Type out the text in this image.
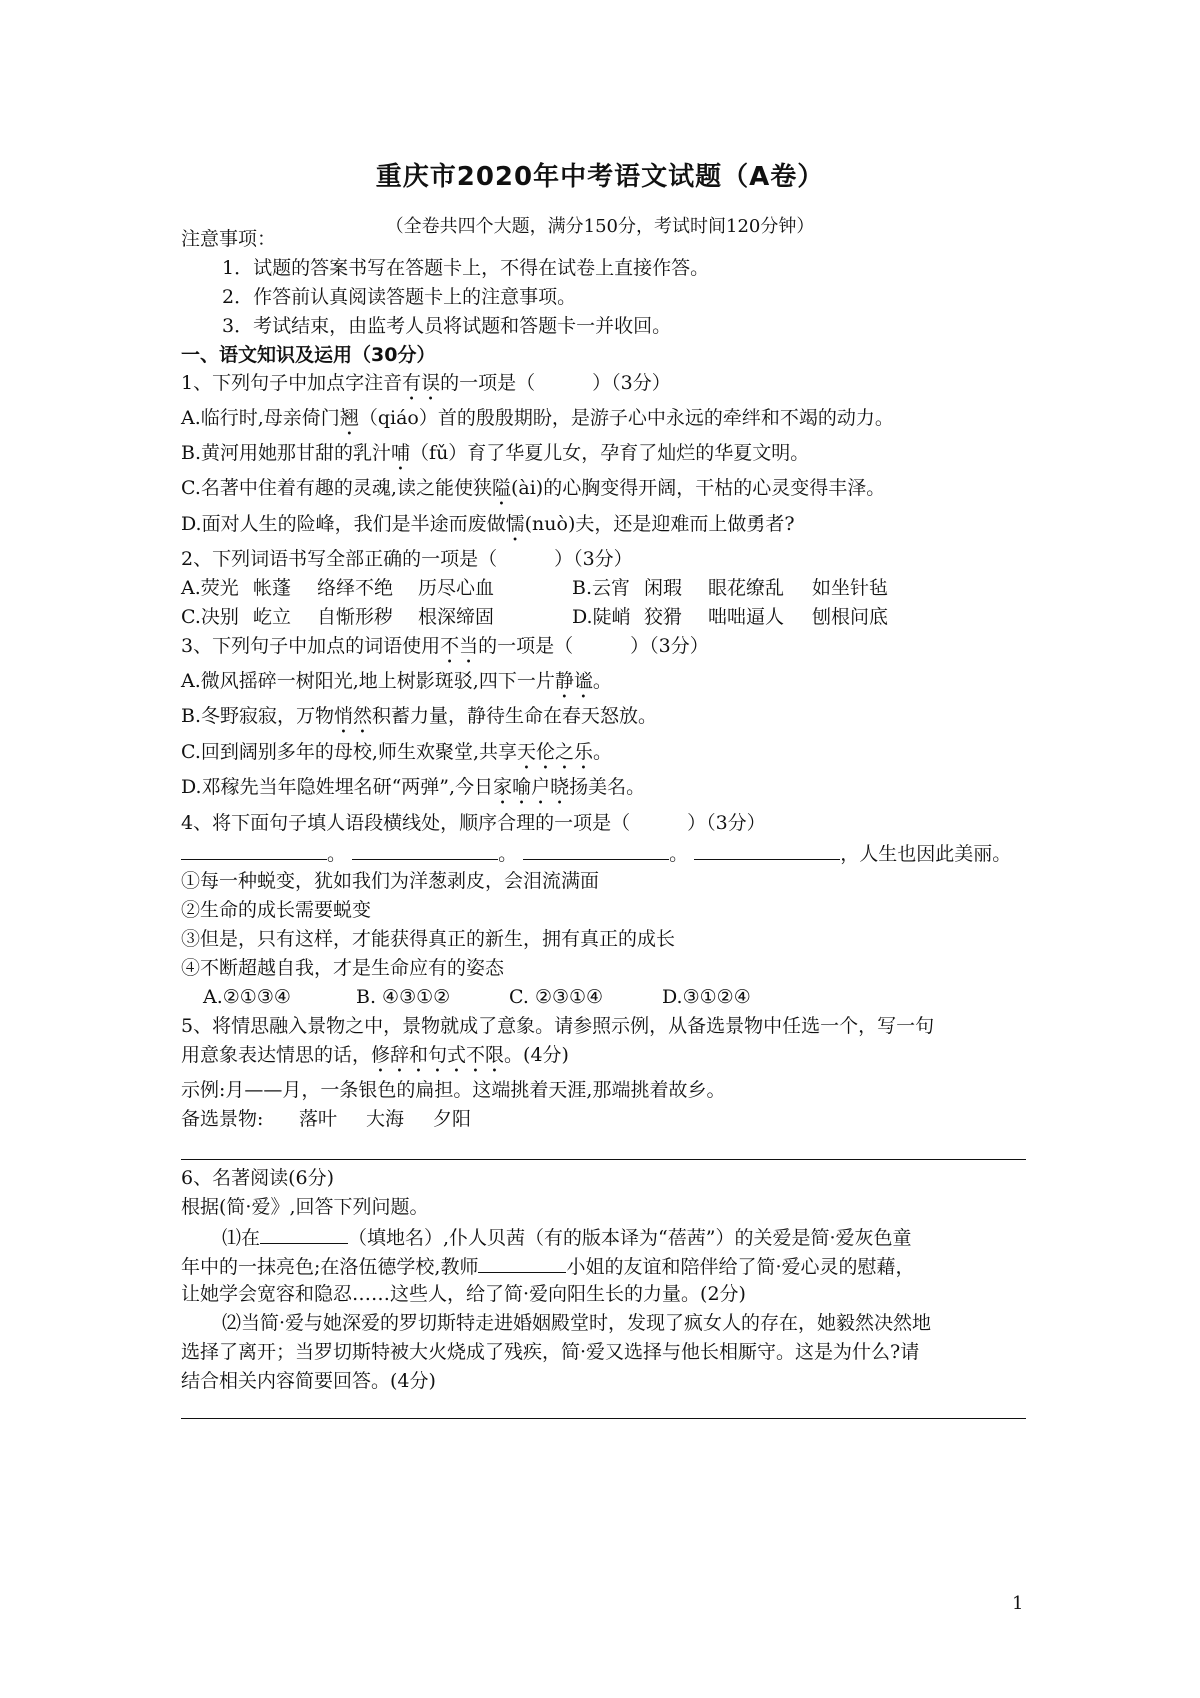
重庆市2020年中考语文试题（A卷）
（全卷共四个大题，满分150分，考试时间120分钟）
注意事项：
1．试题的答案书写在答题卡上，不得在试卷上直接作答。
2．作答前认真阅读答题卡上的注意事项。
3．考试结束，由监考人员将试题和答题卡一并收回。
一、语文知识及运用（30分）
1、下列句子中加点字注音有误的一项是（　　　）（3分）
A.临行时,母亲倚门翘（qiáo）首的殷殷期盼，是游子心中永远的牵绊和不竭的动力。
B.黄河用她那甘甜的乳汁哺（fǔ）育了华夏儿女，孕育了灿烂的华夏文明。
C.名著中住着有趣的灵魂,读之能使狭隘(ài)的心胸变得开阔，干枯的心灵变得丰泽。
D.面对人生的险峰，我们是半途而废做懦(nuò)夫，还是迎难而上做勇者?
2、下列词语书写全部正确的一项是（　　　）（3分）
A.荧光 帐蓬 络绎不绝 历尽心血	B.云宵 闲瑕 眼花缭乱 如坐针毡
C.决别 屹立 自惭形秽 根深缔固	D.陡峭 狡猾 咄咄逼人 刨根问底
3、下列句子中加点的词语使用不当的一项是（　　　）（3分）
A.微风摇碎一树阳光,地上树影斑驳,四下一片静谧。
B.冬野寂寂，万物悄然积蓄力量，静待生命在春天怒放。
C.回到阔别多年的母校,师生欢聚堂,共享天伦之乐。
D.邓稼先当年隐姓埋名研“两弹”,今日家喻户晓扬美名。
4、将下面句子填人语段横线处，顺序合理的一项是（　　　）（3分）
。	。	。	，人生也因此美丽。
①每一种蜕变，犹如我们为洋葱剥皮，会泪流满面
②生命的成长需要蜕变
③但是，只有这样，才能获得真正的新生，拥有真正的成长
④不断超越自我，才是生命应有的姿态
A.②①③④	B. ④③①②	C. ②③①④	D.③①②④
5、将情思融入景物之中，景物就成了意象。请参照示例，从备选景物中任选一个，写一句
用意象表达情思的话，修辞和句式不限。(4分)
示例:月——月，一条银色的扁担。这端挑着天涯,那端挑着故乡。
备选景物: 落叶 大海 夕阳
6、名著阅读(6分)
根据(简·爱》,回答下列问题。
⑴在	（填地名）,仆人贝茜（有的版本译为“蓓茜”）的关爱是简·爱灰色童
年中的一抹亮色;在洛伍德学校,教师	小姐的友谊和陪伴给了简·爱心灵的慰藉，
让她学会宽容和隐忍……这些人，给了简·爱向阳生长的力量。(2分)
⑵当简·爱与她深爱的罗切斯特走进婚姻殿堂时，发现了疯女人的存在，她毅然决然地
选择了离开；当罗切斯特被大火烧成了残疾，简·爱又选择与他长相厮守。这是为什么?请
结合相关内容简要回答。(4分)
1
